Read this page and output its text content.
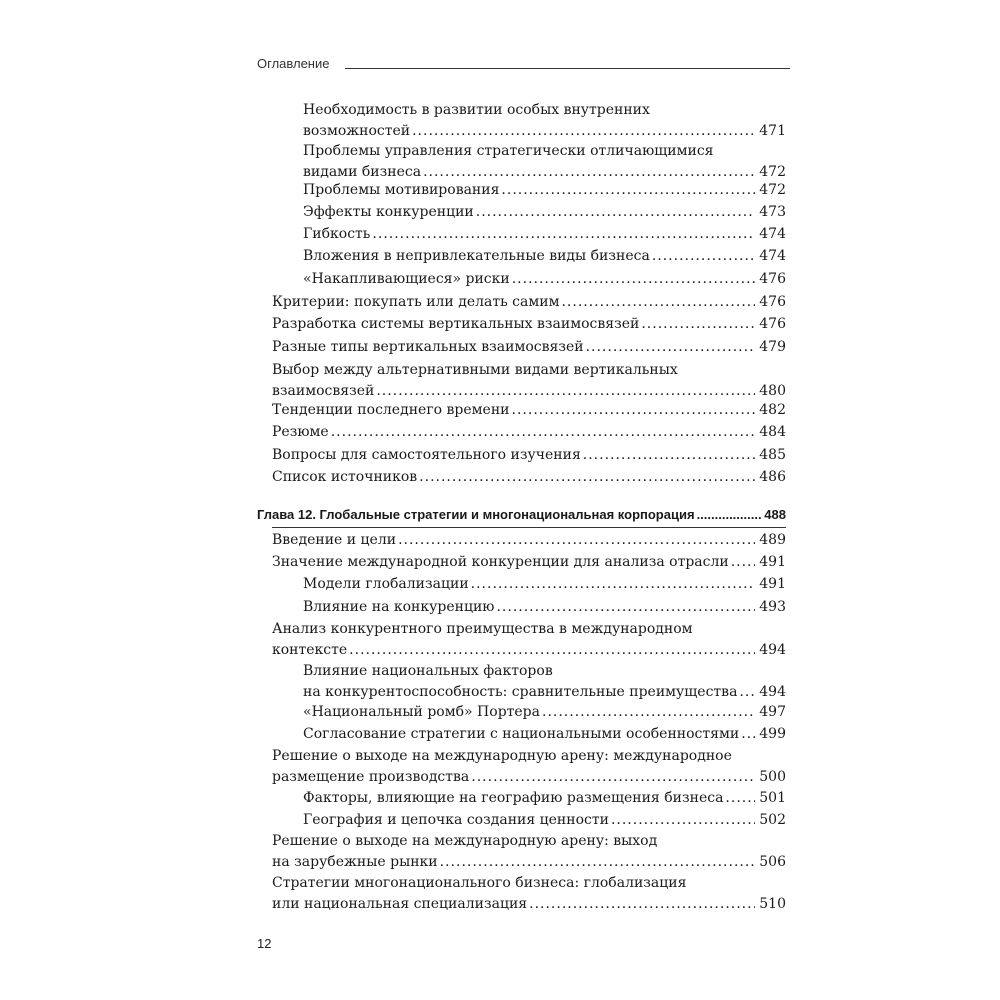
Оглавление
Необходимость в развитии особых внутренних
возможностей .....	471
Проблемы управления стратегически отличающимися
видами бизнеса .....	472
Проблемы мотивирования .....	472
Эффекты конкуренции .....	473
Гибкость .....	474
Вложения в непривлекательные виды бизнеса .....	474
«Накапливающиеся» риски .....	476
Критерии: покупать или делать самим .....	476
Разработка системы вертикальных взаимосвязей .....	476
Разные типы вертикальных взаимосвязей .....	479
Выбор между альтернативными видами вертикальных
взаимосвязей .....	480
Тенденции последнего времени .....	482
Резюме .....	484
Вопросы для самостоятельного изучения .....	485
Список источников .....	486
Глава 12. Глобальные стратегии и многонациональная корпорация .....	488
Введение и цели .....	489
Значение международной конкуренции для анализа отрасли ..... 491
Модели глобализации .....	491
Влияние на конкуренцию .....	493
Анализ конкурентного преимущества в международном
контексте .....	494
Влияние национальных факторов
на конкурентоспособность: сравнительные преимущества ..... 494
«Национальный ромб» Портера .....	497
Согласование стратегии с национальными особенностями ..... 499
Решение о выходе на международную арену: международное
размещение производства .....	500
Факторы, влияющие на географию размещения бизнеса .....	501
География и цепочка создания ценности .....	502
Решение о выходе на международную арену: выход
на зарубежные рынки .....	506
Стратегии многонационального бизнеса: глобализация
или национальная специализация .....	510
12
